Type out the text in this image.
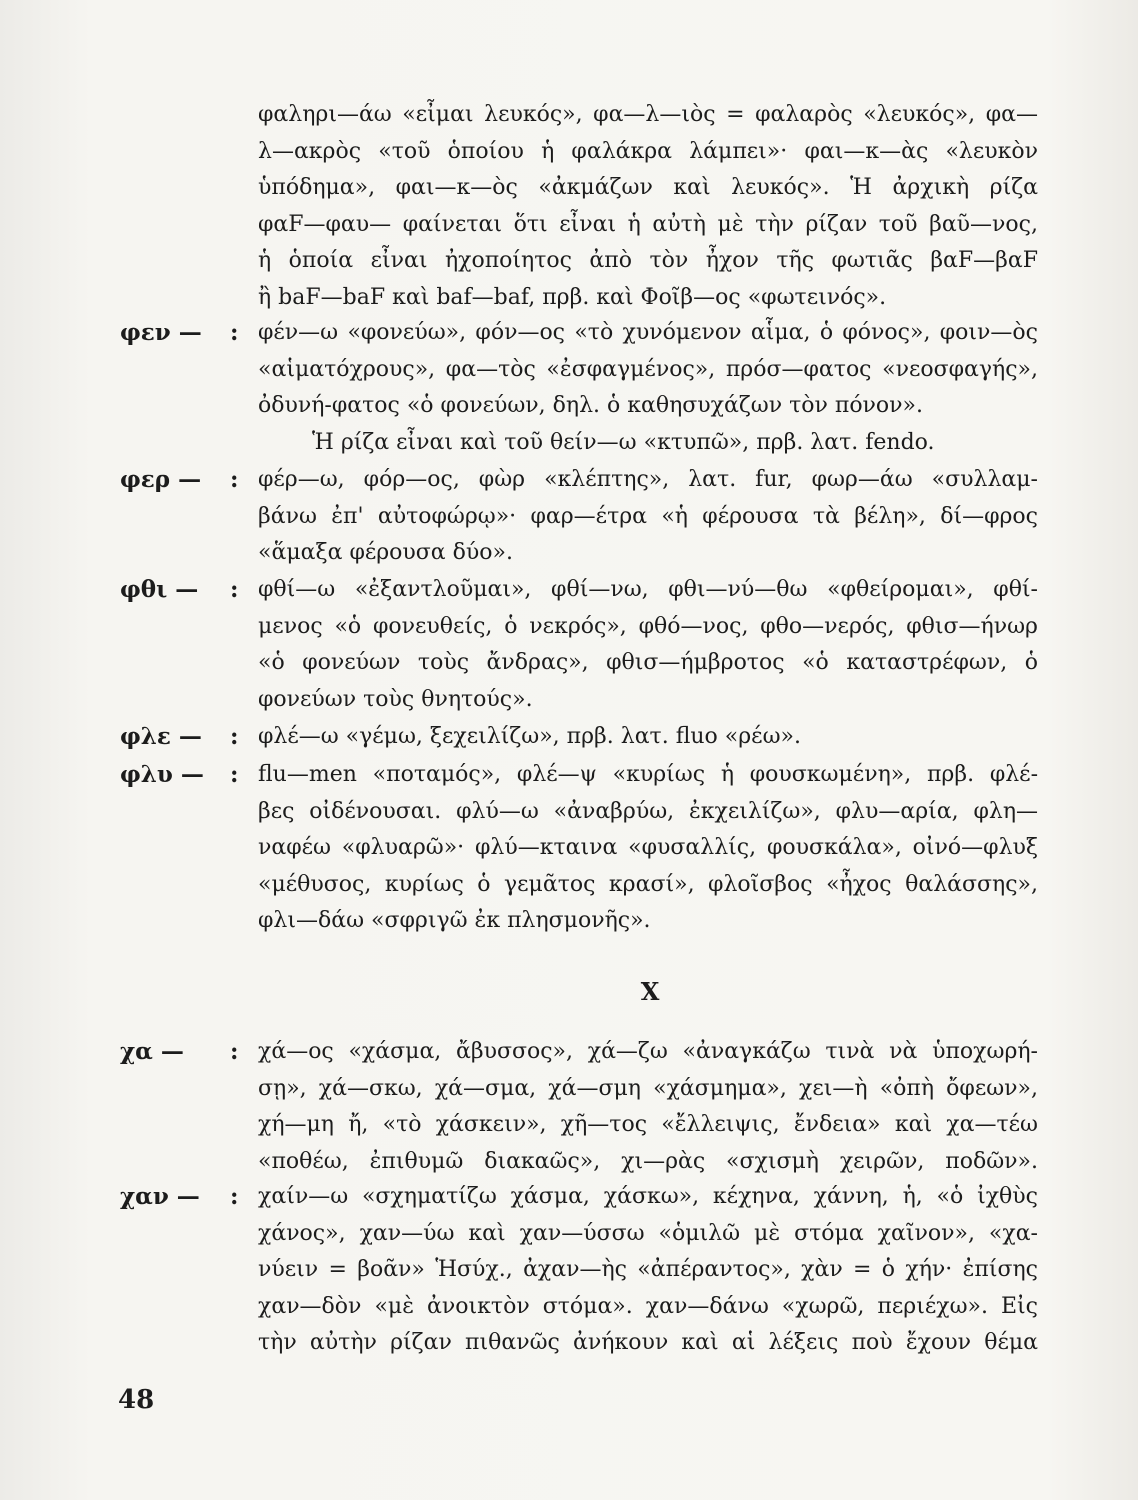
φαληρι—άω «εἶμαι λευκός», φα—λ—ιὸς = φαλαρὸς «λευκός», φα—
λ—ακρὸς «τοῦ ὁποίου ἡ φαλάκρα λάμπει»· φαι—κ—ὰς «λευκὸν
ὑπόδημα», φαι—κ—ὸς «ἀκμάζων καὶ λευκός». Ἡ ἀρχικὴ ρίζα
φαF—φαυ— φαίνεται ὅτι εἶναι ἡ αὐτὴ μὲ τὴν ρίζαν τοῦ βαῦ—νος,
ἡ ὁποία εἶναι ἠχοποίητος ἀπὸ τὸν ἦχον τῆς φωτιᾶς βαF—βαF
ἢ baF—baF καὶ baf—baf, πρβ. καὶ Φοῖβ—ος «φωτεινός».
φεν — : φέν—ω «φονεύω», φόν—ος «τὸ χυνόμενον αἷμα, ὁ φόνος», φοιν—ὸς
«αἱματόχρους», φα—τὸς «ἐσφαγμένος», πρόσ—φατος «νεοσφαγής»,
ὀδυνή-φατος «ὁ φονεύων, δηλ. ὁ καθησυχάζων τὸν πόνον».
Ἡ ρίζα εἶναι καὶ τοῦ θείν—ω «κτυπῶ», πρβ. λατ. fendo.
φερ — : φέρ—ω, φόρ—ος, φὼρ «κλέπτης», λατ. fur, φωρ—άω «συλλαμ-
βάνω ἐπ' αὐτοφώρῳ»· φαρ—έτρα «ἡ φέρουσα τὰ βέλη», δί—φρος
«ἅμαξα φέρουσα δύο».
φθι — : φθί—ω «ἐξαντλοῦμαι», φθί—νω, φθι—νύ—θω «φθείρομαι», φθί-
μενος «ὁ φονευθείς, ὁ νεκρός», φθό—νος, φθο—νερός, φθισ—ήνωρ
«ὁ φονεύων τοὺς ἄνδρας», φθισ—ήμβροτος «ὁ καταστρέφων, ὁ
φονεύων τοὺς θνητούς».
φλε — : φλέ—ω «γέμω, ξεχειλίζω», πρβ. λατ. fluo «ρέω».
φλυ — : flu—men «ποταμός», φλέ—ψ «κυρίως ἡ φουσκωμένη», πρβ. φλέ-
βες οἰδένουσαι. φλύ—ω «ἀναβρύω, ἐκχειλίζω», φλυ—αρία, φλη—
ναφέω «φλυαρῶ»· φλύ—κταινα «φυσαλλίς, φουσκάλα», οἰνό—φλυξ
«μέθυσος, κυρίως ὁ γεμᾶτος κρασί», φλοῖσβος «ἦχος θαλάσσης»,
φλι—δάω «σφριγῶ ἐκ πλησμονῆς».
Χ
χα — : χά—ος «χάσμα, ἄβυσσος», χά—ζω «ἀναγκάζω τινὰ νὰ ὑποχωρή-
σῃ», χά—σκω, χά—σμα, χά—σμη «χάσμημα», χει—ὴ «ὀπὴ ὄφεων»,
χή—μη ἤ, «τὸ χάσκειν», χῆ—τος «ἔλλειψις, ἔνδεια» καὶ χα—τέω
«ποθέω, ἐπιθυμῶ διακαῶς», χι—ρὰς «σχισμὴ χειρῶν, ποδῶν».
χαν — : χαίν—ω «σχηματίζω χάσμα, χάσκω», κέχηνα, χάννη, ἡ, «ὁ ἰχθὺς
χάνος», χαν—ύω καὶ χαν—ύσσω «ὁμιλῶ μὲ στόμα χαῖνον», «χα-
νύειν = βοᾶν» Ἡσύχ., ἀχαν—ὴς «ἀπέραντος», χὰν = ὁ χήν· ἐπίσης
χαν—δὸν «μὲ ἀνοικτὸν στόμα». χαν—δάνω «χωρῶ, περιέχω». Εἰς
τὴν αὐτὴν ρίζαν πιθανῶς ἀνήκουν καὶ αἱ λέξεις ποὺ ἔχουν θέμα
48
